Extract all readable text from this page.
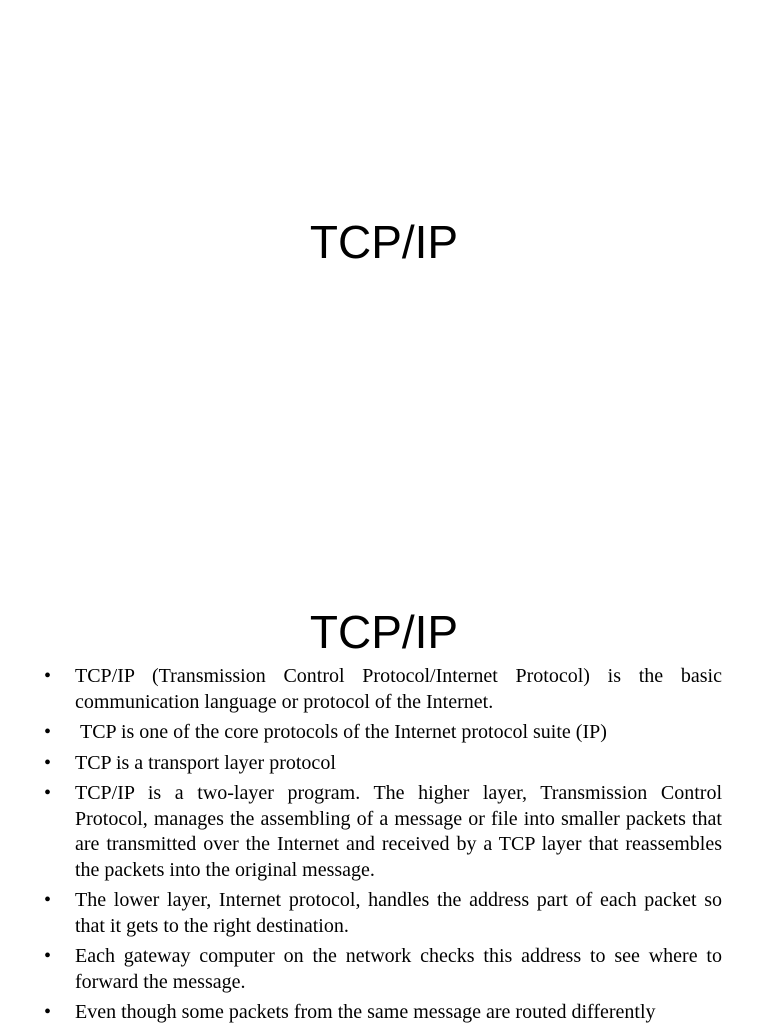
TCP/IP
TCP/IP
• TCP/IP (Transmission Control Protocol/Internet Protocol) is the basic communication language or protocol of the Internet.
• TCP is one of the core protocols of the Internet protocol suite (IP)
• TCP is a transport layer protocol
• TCP/IP is a two-layer program. The higher layer, Transmission Control Protocol, manages the assembling of a message or file into smaller packets that are transmitted over the Internet and received by a TCP layer that reassembles the packets into the original message.
• The lower layer, Internet protocol, handles the address part of each packet so that it gets to the right destination.
• Each gateway computer on the network checks this address to see where to forward the message.
• Even though some packets from the same message are routed differently
